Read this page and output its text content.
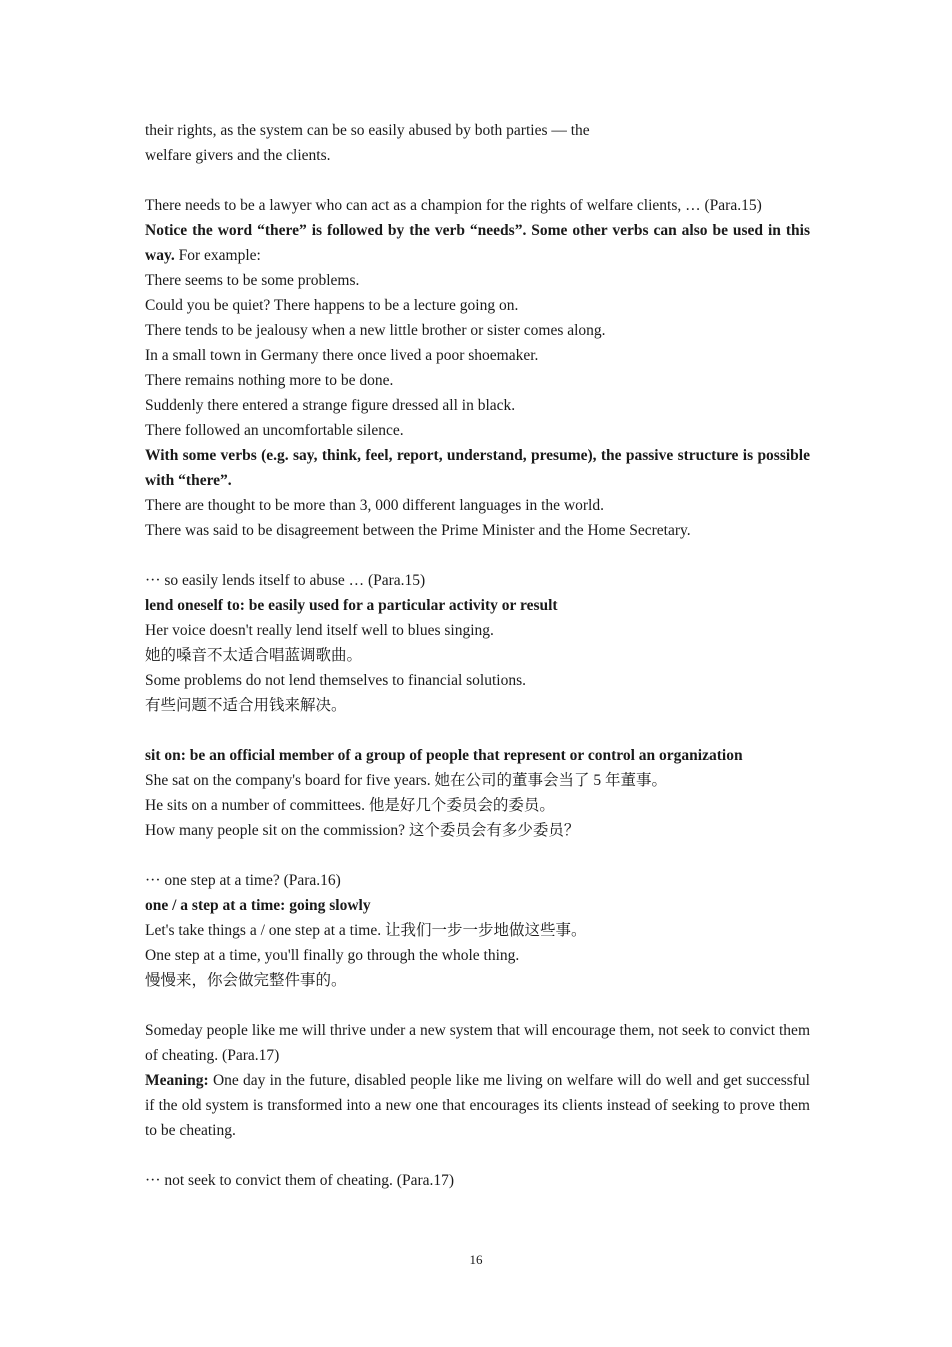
their rights, as the system can be so easily abused by both parties — the
welfare givers and the clients.
There needs to be a lawyer who can act as a champion for the rights of welfare clients, … (Para.15)
Notice the word “there” is followed by the verb “needs”. Some other verbs can also be used in this way. For example:
There seems to be some problems.
Could you be quiet? There happens to be a lecture going on.
There tends to be jealousy when a new little brother or sister comes along.
In a small town in Germany there once lived a poor shoemaker.
There remains nothing more to be done.
Suddenly there entered a strange figure dressed all in black.
There followed an uncomfortable silence.
With some verbs (e.g. say, think, feel, report, understand, presume), the passive structure is possible with “there”.
There are thought to be more than 3, 000 different languages in the world.
There was said to be disagreement between the Prime Minister and the Home Secretary.
··· so easily lends itself to abuse … (Para.15)
lend oneself to: be easily used for a particular activity or result
Her voice doesn't really lend itself well to blues singing.
她的嗓音不太适合唱蓝调歌曲。
Some problems do not lend themselves to financial solutions.
有些问题不适合用钱来解决。
sit on: be an official member of a group of people that represent or control an organization
She sat on the company's board for five years. 她在公司的董事会当了 5 年董事。
He sits on a number of committees. 他是好几个委员会的委员。
How many people sit on the commission? 这个委员会有多少委员？
··· one step at a time? (Para.16)
one / a step at a time: going slowly
Let's take things a / one step at a time. 让我们一步一步地做这些事。
One step at a time, you'll finally go through the whole thing.
慢慢来，你会做完整件事的。
Someday people like me will thrive under a new system that will encourage them, not seek to convict them of cheating. (Para.17)
Meaning: One day in the future, disabled people like me living on welfare will do well and get successful if the old system is transformed into a new one that encourages its clients instead of seeking to prove them to be cheating.
··· not seek to convict them of cheating. (Para.17)
16
